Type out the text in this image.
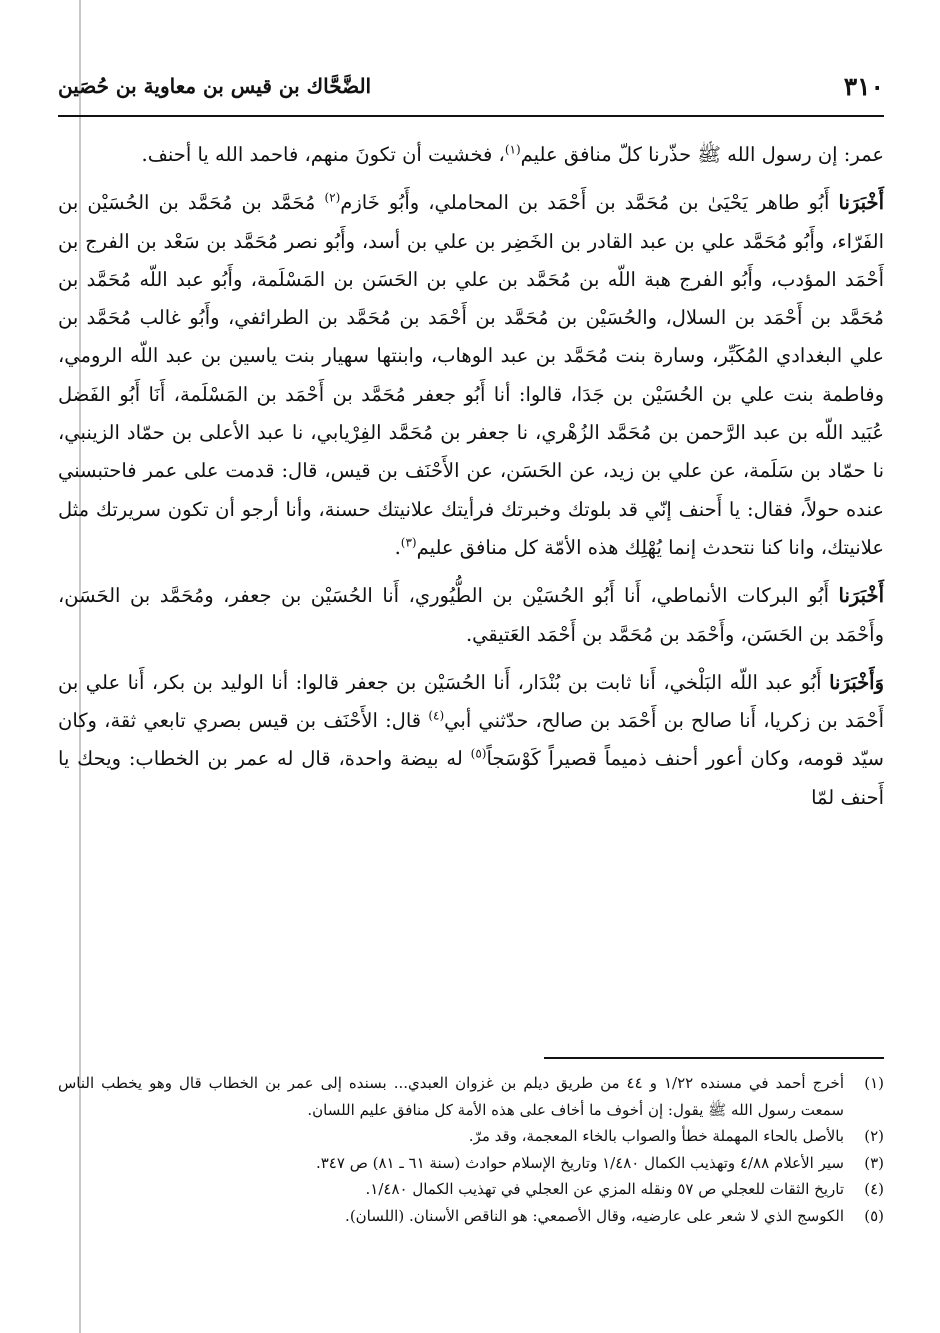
٣١٠
الضَّحَّاك بن قيس بن معاوية بن حُصَين

عمر: إن رسول الله ﷺ حذّرنا كلّ منافق عليم$^{(١)}$، فخشيت أن تكونَ منهم، فاحمد الله يا أحنف.

أَخْبَرَنا أَبُو طاهر يَحْيَىٰ بن مُحَمَّد بن أَحْمَد بن المحاملي، وأَبُو خَازم$^{(٢)}$ مُحَمَّد بن مُحَمَّد بن الحُسَيْن بن الفَرّاء، وأَبُو مُحَمَّد علي بن عبد القادر بن الخَضِر بن علي بن أسد، وأَبُو نصر مُحَمَّد بن سَعْد بن الفرج بن أَحْمَد المؤدب، وأَبُو الفرج هبة اللّه بن مُحَمَّد بن علي بن الحَسَن بن المَسْلَمة، وأَبُو عبد اللّه مُحَمَّد بن مُحَمَّد بن أَحْمَد بن السلال، والحُسَيْن بن مُحَمَّد بن أَحْمَد بن مُحَمَّد بن الطرائفي، وأَبُو غالب مُحَمَّد بن علي البغدادي المُكَبِّر، وسارة بنت مُحَمَّد بن عبد الوهاب، وابنتها سهيار بنت ياسين بن عبد اللّه الرومي، وفاطمة بنت علي بن الحُسَيْن بن جَدَا، قالوا: أنا أَبُو جعفر مُحَمَّد بن أَحْمَد بن المَسْلَمة، أَنَا أَبُو الفَضل عُبَيد اللّه بن عبد الرَّحمن بن مُحَمَّد الزُهْري، نا جعفر بن مُحَمَّد الفِرْيابي، نا عبد الأعلى بن حمّاد الزينبي، نا حمّاد بن سَلَمة، عن علي بن زيد، عن الحَسَن، عن الأَحْنَف بن قيس، قال: قدمت على عمر فاحتبسني عنده حولاً، فقال: يا أَحنف إنّي قد بلوتك وخبرتك فرأيتك علانيتك حسنة، وأنا أرجو أن تكون سريرتك مثل علانيتك، وانا كنا نتحدث إنما يُهْلِك هذه الأمّة كل منافق عليم$^{(٣)}$.

أَخْبَرَنا أَبُو البركات الأنماطي، أَنا أَبُو الحُسَيْن بن الطُّيُوري، أَنا الحُسَيْن بن جعفر، ومُحَمَّد بن الحَسَن، وأَحْمَد بن الحَسَن، وأَحْمَد بن مُحَمَّد بن أَحْمَد العَتيقي.

وَأَخْبَرَنا أَبُو عبد اللّه البَلْخي، أَنا ثابت بن بُنْدَار، أَنا الحُسَيْن بن جعفر قالوا: أنا الوليد بن بكر، أَنا علي بن أَحْمَد بن زكريا، أَنا صالح بن أَحْمَد بن صالح، حدّثني أبي$^{(٤)}$ قال: الأَحْنَف بن قيس بصري تابعي ثقة، وكان سيّد قومه، وكان أعور أحنف ذميماً قصيراً كَوْسَجاً$^{(٥)}$ له بيضة واحدة، قال له عمر بن الخطاب: ويحك يا أَحنف لمّا

(١)
أخرج أحمد في مسنده ١/٢٢ و ٤٤ من طريق ديلم بن غزوان العبدي... بسنده إلى عمر بن الخطاب قال وهو يخطب الناس سمعت رسول الله ﷺ يقول: إن أخوف ما أخاف على هذه الأمة كل منافق عليم اللسان.
(٢)
بالأصل بالحاء المهملة خطأ والصواب بالخاء المعجمة، وقد مرّ.
(٣)
سير الأعلام ٤/٨٨ وتهذيب الكمال ١/٤٨٠ وتاريخ الإسلام حوادث (سنة ٦١ ـ ٨١) ص ٣٤٧.
(٤)
تاريخ الثقات للعجلي ص ٥٧ ونقله المزي عن العجلي في تهذيب الكمال ١/٤٨٠.
(٥)
الكوسج الذي لا شعر على عارضيه، وقال الأصمعي: هو الناقص الأسنان. (اللسان).
